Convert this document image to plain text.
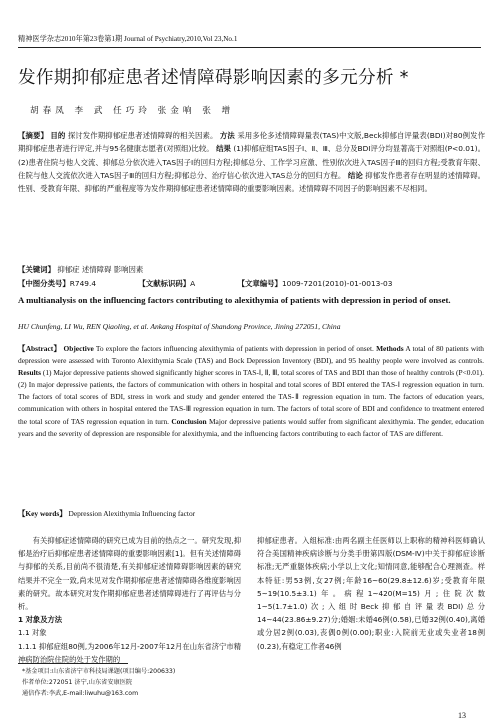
精神医学杂志2010年第23卷第1期 Journal of Psychiatry,2010,Vol 23,No.1
发作期抑郁症患者述情障碍影响因素的多元分析 *
胡春凤 李 武 任巧玲 张金响 张 增
【摘要】 目的 探讨发作期抑郁症患者述情障碍的相关因素。 方法 采用多伦多述情障碍量表(TAS)中文版,Beck抑郁自评量表(BDI)对80例发作期抑郁症患者进行评定,并与95名健康志愿者(对照组)比较。 结果 (1)抑郁症组TAS因子Ⅰ、Ⅱ、Ⅲ、总分及BDI评分均显著高于对照组(P<0.01)。(2)患者住院与他人交流、抑郁总分依次进入TAS因子Ⅰ的回归方程;抑郁总分、工作学习应激、性别依次进入TAS因子Ⅲ的回归方程;受教育年限、住院与他人交流依次进入TAS因子Ⅲ的回归方程;抑郁总分、治疗信心依次进入TAS总分的回归方程。 结论 抑郁发作患者存在明显的述情障碍。性别、受教育年限、抑郁的严重程度等为发作期抑郁症患者述情障碍的重要影响因素。述情障碍不同因子的影响因素不尽相同。
【关键词】 抑郁症 述情障碍 影响因素
【中图分类号】R749.4	【文献标识码】A	【文章编号】1009-7201(2010)-01-0013-03
A multianalysis on the influencing factors contributing to alexithymia of patients with depression in period of onset.
HU Chunfeng, LI Wu, REN Qiaoling, et al. Ankang Hospital of Shandong Province, Jining 272051, China
【Abstract】 Objective To explore the factors influencing alexithymia of patients with depression in period of onset. Methods A total of 80 patients with depression were assessed with Toronto Alexithymia Scale (TAS) and Bock Depression Inventory (BDI), and 95 healthy people were involved as controls. Results (1) Major depressive patients showed significantly higher scores in TAS-Ⅰ, Ⅱ, Ⅲ, total scores of TAS and BDI than those of healthy controls (P<0.01). (2) In major depressive patients, the factors of communication with others in hospital and total scores of BDI entered the TAS-Ⅰ regression equation in turn. The factors of total scores of BDI, stress in work and study and gender entered the TAS-Ⅱ regression equation in turn. The factors of education years, communication with others in hospital entered the TAS-Ⅲ regression equation in turn. The factors of total score of BDI and confidence to treatment entered the total score of TAS regression equation in turn. Conclusion Major depressive patients would suffer from significant alexithymia. The gender, education years and the severity of depression are responsible for alexithymia, and the influencing factors contributing to each factor of TAS are different.
【Key words】 Depression Alexithymia Influencing factor
有关抑郁症述情障碍的研究已成为目前的热点之一。研究发现,抑郁是治疗后抑郁症患者述情障碍的重要影响因素[1]。但有关述情障碍与抑郁的关系,目前尚不很清楚,有关抑郁症述情障碍影响因素的研究结果并不完全一致,尚未见对发作期抑郁症患者述情障碍各维度影响因素的研究。故本研究对发作期抑郁症患者述情障碍进行了再评估与分析。
1 对象及方法
1.1 对象
1.1.1 抑郁症组80例,为2006年12月-2007年12月在山东省济宁市精神病防治院住院的处于发作期的
抑郁症患者。入组标准:由两名副主任医师以上职称的精神科医师确认符合美国精神疾病诊断与分类手册第四版(DSM-Ⅳ)中关于抑郁症诊断标准;无严重躯体疾病;小学以上文化;知情同意,能够配合心理测查。样本特征:男53例,女27例;年龄16~60(29.8±12.6)岁;受教育年限5~19(10.5±3.1)年。病程1~420(M=15)月;住院次数1~5(1.7±1.0)次;入组时Beck抑郁自评量表BDI)总分14~44(23.86±9.27)分;婚姻:未婚46例(0.58),已婚32例(0.40),离婚或分居2例(0.03),丧偶0例(0.00);职业:入院前无业或失业者18例(0.23),有稳定工作者46例
*基金项目:山东省济宁市科技局课题(项目编号:200633)
作者单位:272051 济宁,山东省安康医院
通信作者:李武,E-mail:liwuhu@163.com
13
